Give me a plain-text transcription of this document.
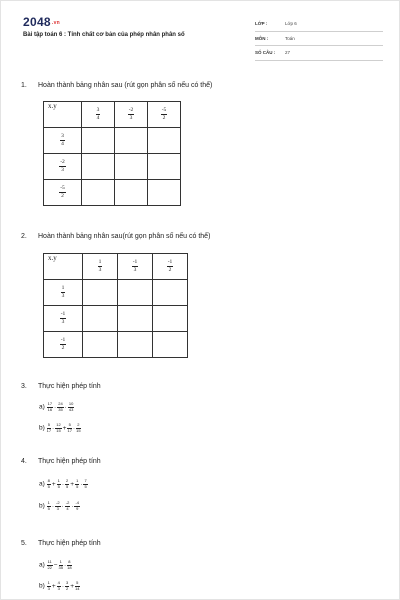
2048.vn
Bài tập toán 6 : Tính chất cơ bản của phép nhân phân số
LỚP :	Lớp 6
MÔN :	Toán
SỐ CÂU :	27
1. Hoàn thành bảng nhân sau (rút gọn phân số nếu có thể)
x.y	$\frac{3}{4}$	$\frac{-2}{3}$	$\frac{-5}{2}$

$\frac{3}{4}$

$\frac{-2}{3}$

$\frac{-5}{2}$

2. Hoàn thành bảng nhân sau(rút gọn phân số nếu có thể)
x.y	$\frac{1}{3}$	$\frac{-1}{3}$	$\frac{-1}{2}$

$\frac{1}{3}$

$\frac{-1}{3}$

$\frac{-1}{2}$

3. Thực hiện phép tính
$a) \frac{17}{16} \cdot \frac{24}{35} \cdot \frac{10}{43}$
$b) \frac{5}{17} \cdot \frac{12}{15} + \frac{5}{17} \cdot \frac{2}{15}$
4. Thực hiện phép tính
$a) \frac{8}{5} + \frac{1}{5} \cdot \frac{2}{5} + \frac{1}{5} \cdot \frac{7}{5}$
$b) \frac{1}{5} \cdot \frac{-2}{3} \cdot \frac{-2}{4} \cdot \frac{-4}{9}$
5. Thực hiện phép tính
$a) \frac{11}{22} - \frac{1}{35} \cdot \frac{8}{18}$
$b) \frac{1}{3} + \frac{4}{3} \cdot \frac{3}{2} + \frac{5}{14}$
